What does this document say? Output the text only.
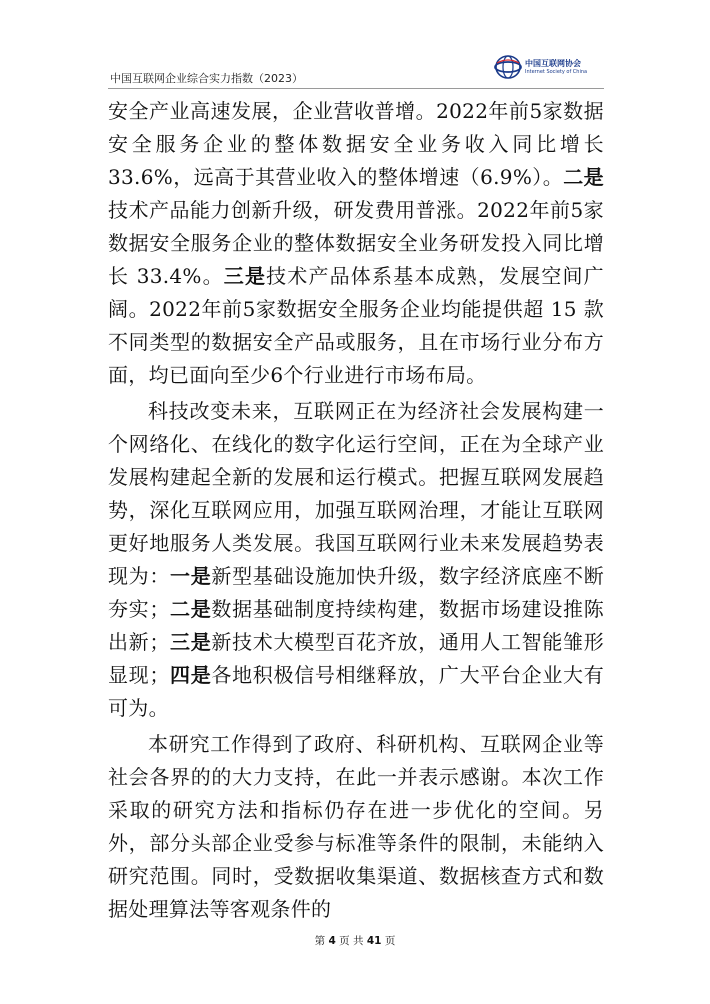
中国互联网企业综合实力指数（2023）
中国互联网协会
Internet Society of China

安全产业高速发展，企业营收普增。2022年前5家数据安全服务企业的整体数据安全业务收入同比增长 33.6%，远高于其营业收入的整体增速（6.9%）。二是技术产品能力创新升级，研发费用普涨。2022年前5家数据安全服务企业的整体数据安全业务研发投入同比增长 33.4%。三是技术产品体系基本成熟，发展空间广阔。2022年前5家数据安全服务企业均能提供超 15 款不同类型的数据安全产品或服务，且在市场行业分布方面，均已面向至少6个行业进行市场布局。

科技改变未来，互联网正在为经济社会发展构建一个网络化、在线化的数字化运行空间，正在为全球产业发展构建起全新的发展和运行模式。把握互联网发展趋势，深化互联网应用，加强互联网治理，才能让互联网更好地服务人类发展。我国互联网行业未来发展趋势表现为：一是新型基础设施加快升级，数字经济底座不断夯实；二是数据基础制度持续构建，数据市场建设推陈出新；三是新技术大模型百花齐放，通用人工智能雏形显现；四是各地积极信号相继释放，广大平台企业大有可为。

本研究工作得到了政府、科研机构、互联网企业等社会各界的的大力支持，在此一并表示感谢。本次工作采取的研究方法和指标仍存在进一步优化的空间。另外，部分头部企业受参与标准等条件的限制，未能纳入研究范围。同时，受数据收集渠道、数据核查方式和数据处理算法等客观条件的

第 4 页 共 41 页
